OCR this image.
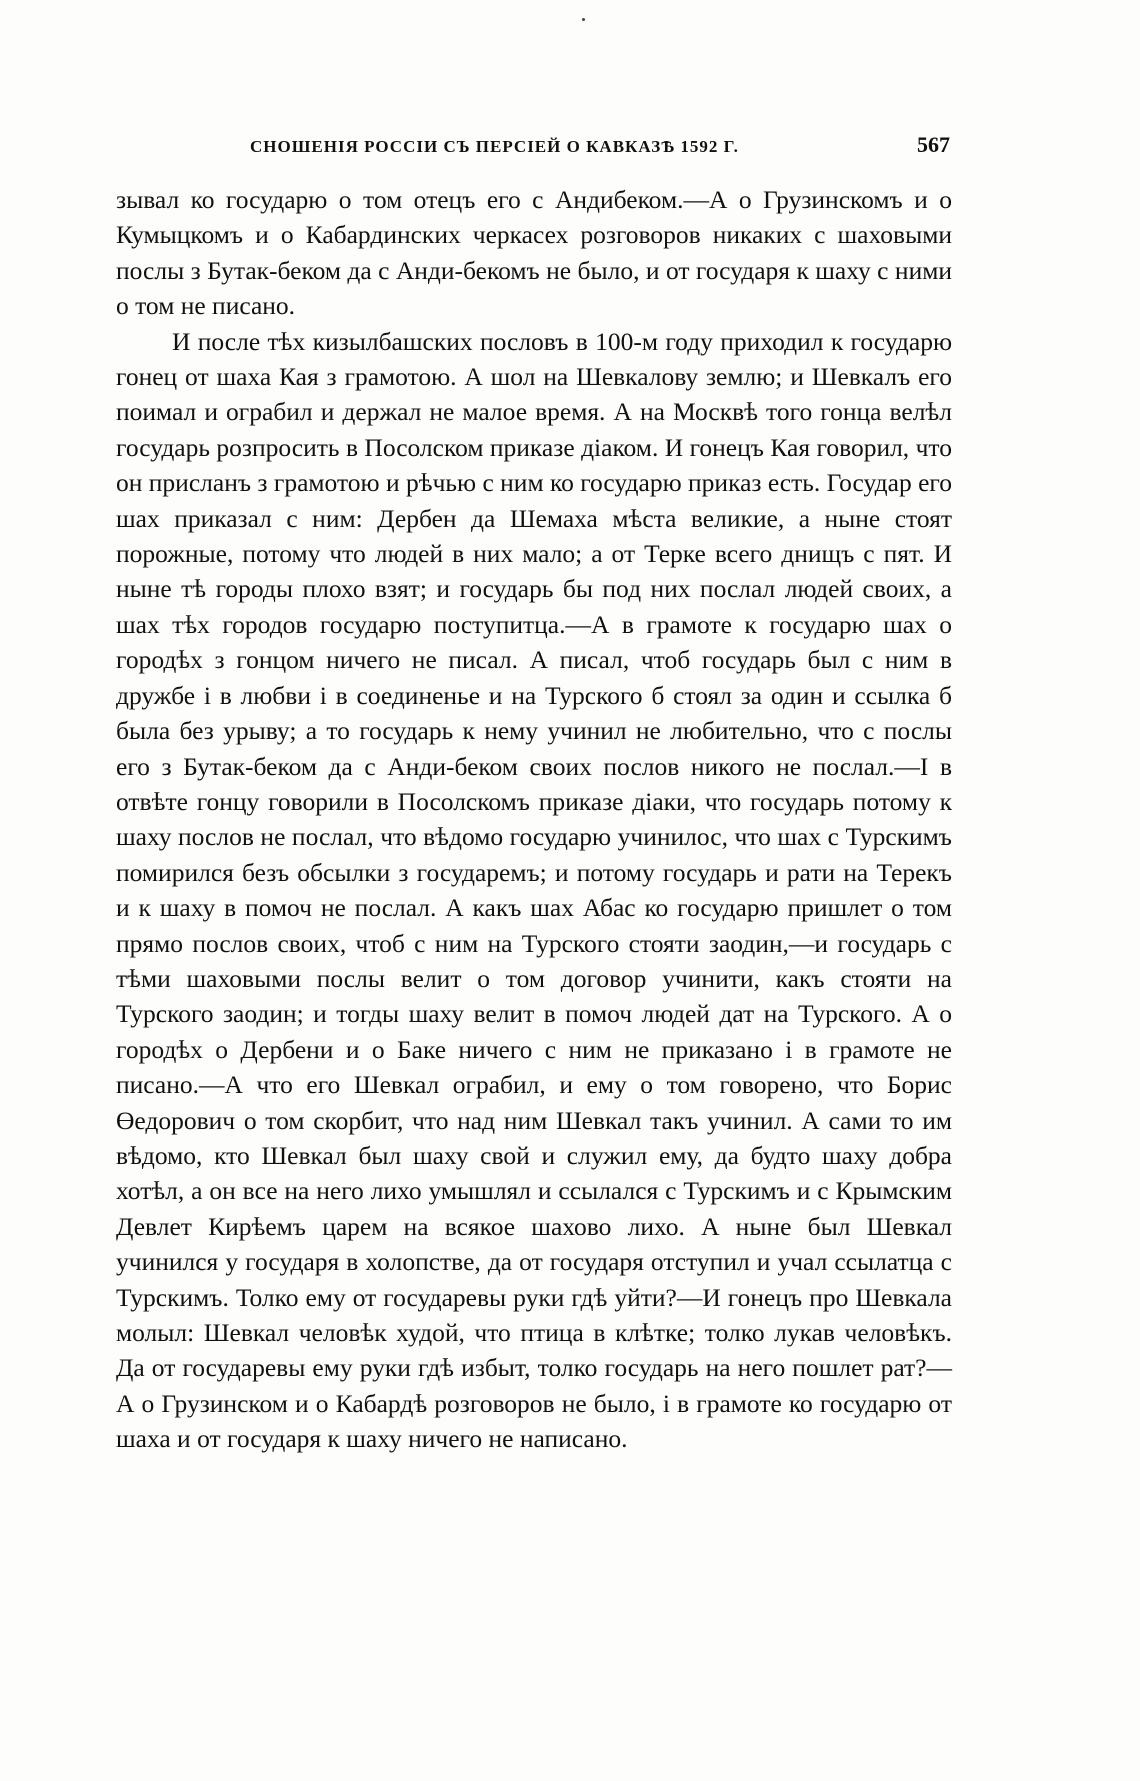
СНОШЕНІЯ РОССІИ СЪ ПЕРСІЕЙ О КАВКАЗѢ 1592 Г.	567

зывал ко государю о том отецъ его с Андибеком.—А о Грузинскомъ и о Кумыцкомъ и о Кабардинских черкасех розговоров никаких с шаховыми послы з Бутак-беком да с Анди-бекомъ не было, и от государя к шаху с ними о том не писано.

И после тѣх кизылбашских пословъ в 100-м году приходил к государю гонец от шаха Кая з грамотою. А шол на Шевкалову землю; и Шевкалъ его поимал и ограбил и держал не малое время. А на Москвѣ того гонца велѣл государь розпросить в Посолском приказе діаком. И гонецъ Кая говорил, что он присланъ з грамотою и рѣчью с ним ко государю приказ есть. Государ его шах приказал с ним: Дербен да Шемаха мѣста великие, а ныне стоят порожные, потому что людей в них мало; а от Терке всего днищъ с пят. И ныне тѣ городы плохо взят; и государь бы под них послал людей своих, а шах тѣх городов государю поступитца.—А в грамоте к государю шах о городѣх з гонцом ничего не писал. А писал, чтоб государь был с ним в дружбе і в любви і в соединенье и на Турского б стоял за один и ссылка б была без урыву; а то государь к нему учинил не любительно, что с послы его з Бутак-беком да с Анди-беком своих послов никого не послал.—І в отвѣте гонцу говорили в Посолскомъ приказе діаки, что государь потому к шаху послов не послал, что вѣдомо государю учинилос, что шах с Турскимъ помирился безъ обсылки з государемъ; и потому государь и рати на Терекъ и к шаху в помоч не послал. А какъ шах Абас ко государю пришлет о том прямо послов своих, чтоб с ним на Турского стояти заодин,—и государь с тѣми шаховыми послы велит о том договор учинити, какъ стояти на Турского заодин; и тогды шаху велит в помоч людей дат на Турского. А о городѣх о Дербени и о Баке ничего с ним не приказано і в грамоте не писано.—А что его Шевкал ограбил, и ему о том говорено, что Борис Өедорович о том скорбит, что над ним Шевкал такъ учинил. А сами то им вѣдомо, кто Шевкал был шаху свой и служил ему, да будто шаху добра хотѣл, а он все на него лихо умышлял и ссылался с Турскимъ и с Крымским Девлет Кирѣемъ царем на всякое шахово лихо. А ныне был Шевкал учинился у государя в холопстве, да от государя отступил и учал ссылатца с Турскимъ. Толко ему от государевы руки гдѣ уйти?—И гонецъ про Шевкала молыл: Шевкал человѣк худой, что птица в клѣтке; толко лукав человѣкъ. Да от государевы ему руки гдѣ избыт, толко государь на него пошлет рат?—А о Грузинском и о Кабардѣ розговоров не было, і в грамоте ко государю от шаха и от государя к шаху ничего не написано.
